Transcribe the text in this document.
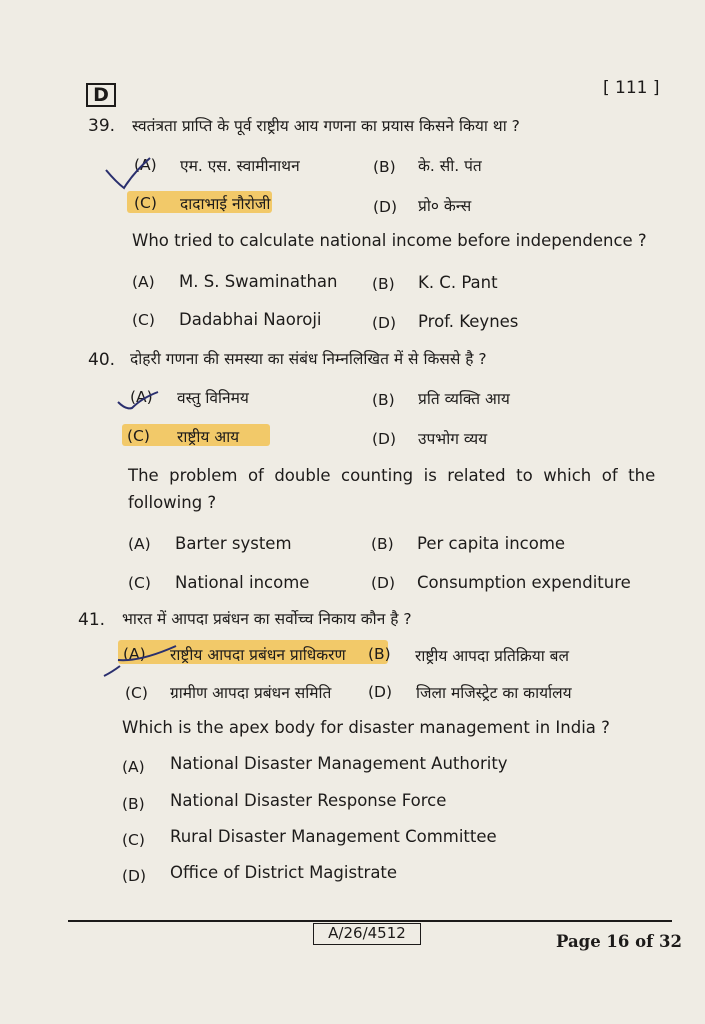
D	[ 111 ]
39. स्वतंत्रता प्राप्ति के पूर्व राष्ट्रीय आय गणना का प्रयास किसने किया था ?
(A) एम. एस. स्वामीनाथन	(B) के. सी. पंत
(C) दादाभाई नौरोजी	(D) प्रो० केन्स
Who tried to calculate national income before independence ?
(A) M. S. Swaminathan (B) K. C. Pant
(C) Dadabhai Naoroji	(D) Prof. Keynes
40. दोहरी गणना की समस्या का संबंध निम्नलिखित में से किससे है ?
(A) वस्तु विनिमय	(B) प्रति व्यक्ति आय
(C) राष्ट्रीय आय	(D) उपभोग व्यय
The  problem  of  double  counting  is  related  to  which  of  the
following ?
(A) Barter system	(B) Per capita income
(C) National income	(D) Consumption expenditure
41. भारत में आपदा प्रबंधन का सर्वोच्च निकाय कौन है ?
(A) राष्ट्रीय आपदा प्रबंधन प्राधिकरण (B) राष्ट्रीय आपदा प्रतिक्रिया बल
(C) ग्रामीण आपदा प्रबंधन समिति (D) जिला मजिस्ट्रेट का कार्यालय
Which is the apex body for disaster management in India ?
(A) National Disaster Management Authority
(B) National Disaster Response Force
(C) Rural Disaster Management Committee
(D) Office of District Magistrate
A/26/4512	Page 16 of 32
